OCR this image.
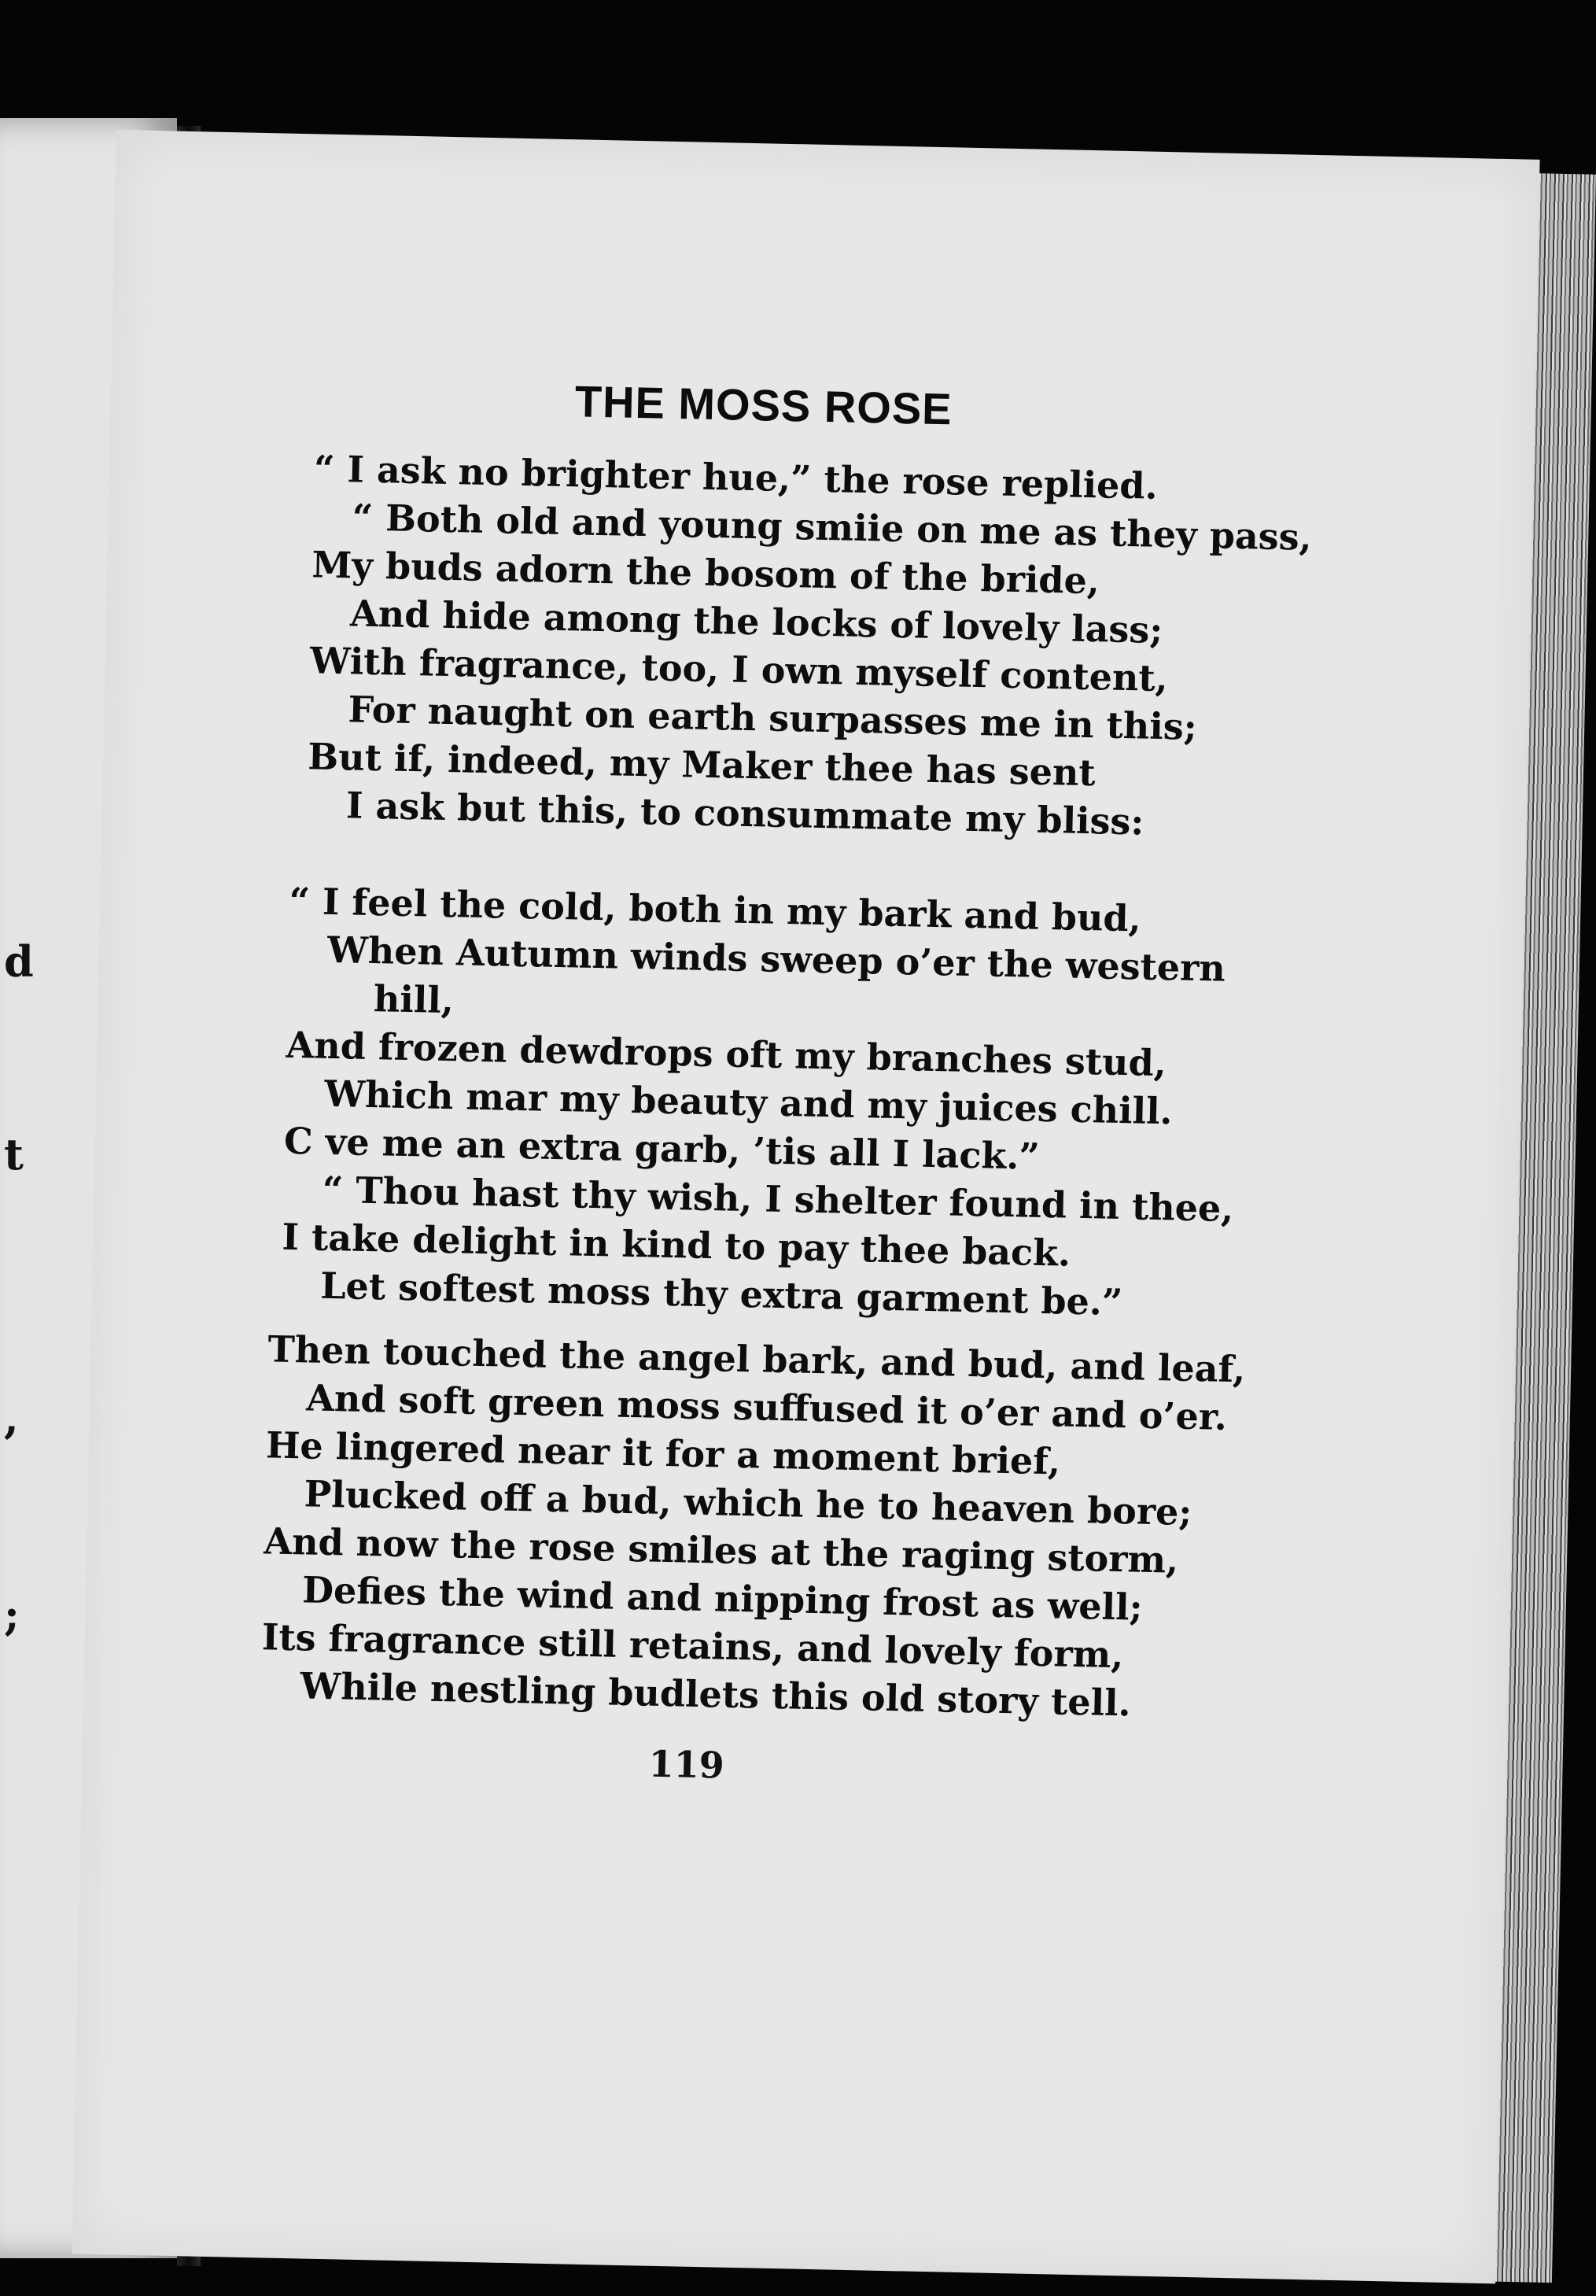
d
t
,
;
THE MOSS ROSE
“ I ask no brighter hue,” the rose replied.
“ Both old and young smiie on me as they pass,
My buds adorn the bosom of the bride,
And hide among the locks of lovely lass;
With fragrance, too, I own myself content,
For naught on earth surpasses me in this;
But if, indeed, my Maker thee has sent
I ask but this, to consummate my bliss:
“ I feel the cold, both in my bark and bud,
When Autumn winds sweep o’er the western
hill,
And frozen dewdrops oft my branches stud,
Which mar my beauty and my juices chill.
C ve me an extra garb, ’tis all I lack.”
“ Thou hast thy wish, I shelter found in thee,
I take delight in kind to pay thee back.
Let softest moss thy extra garment be.”
Then touched the angel bark, and bud, and leaf,
And soft green moss suffused it o’er and o’er.
He lingered near it for a moment brief,
Plucked off a bud, which he to heaven bore;
And now the rose smiles at the raging storm,
Defies the wind and nipping frost as well;
Its fragrance still retains, and lovely form,
While nestling budlets this old story tell.
119
